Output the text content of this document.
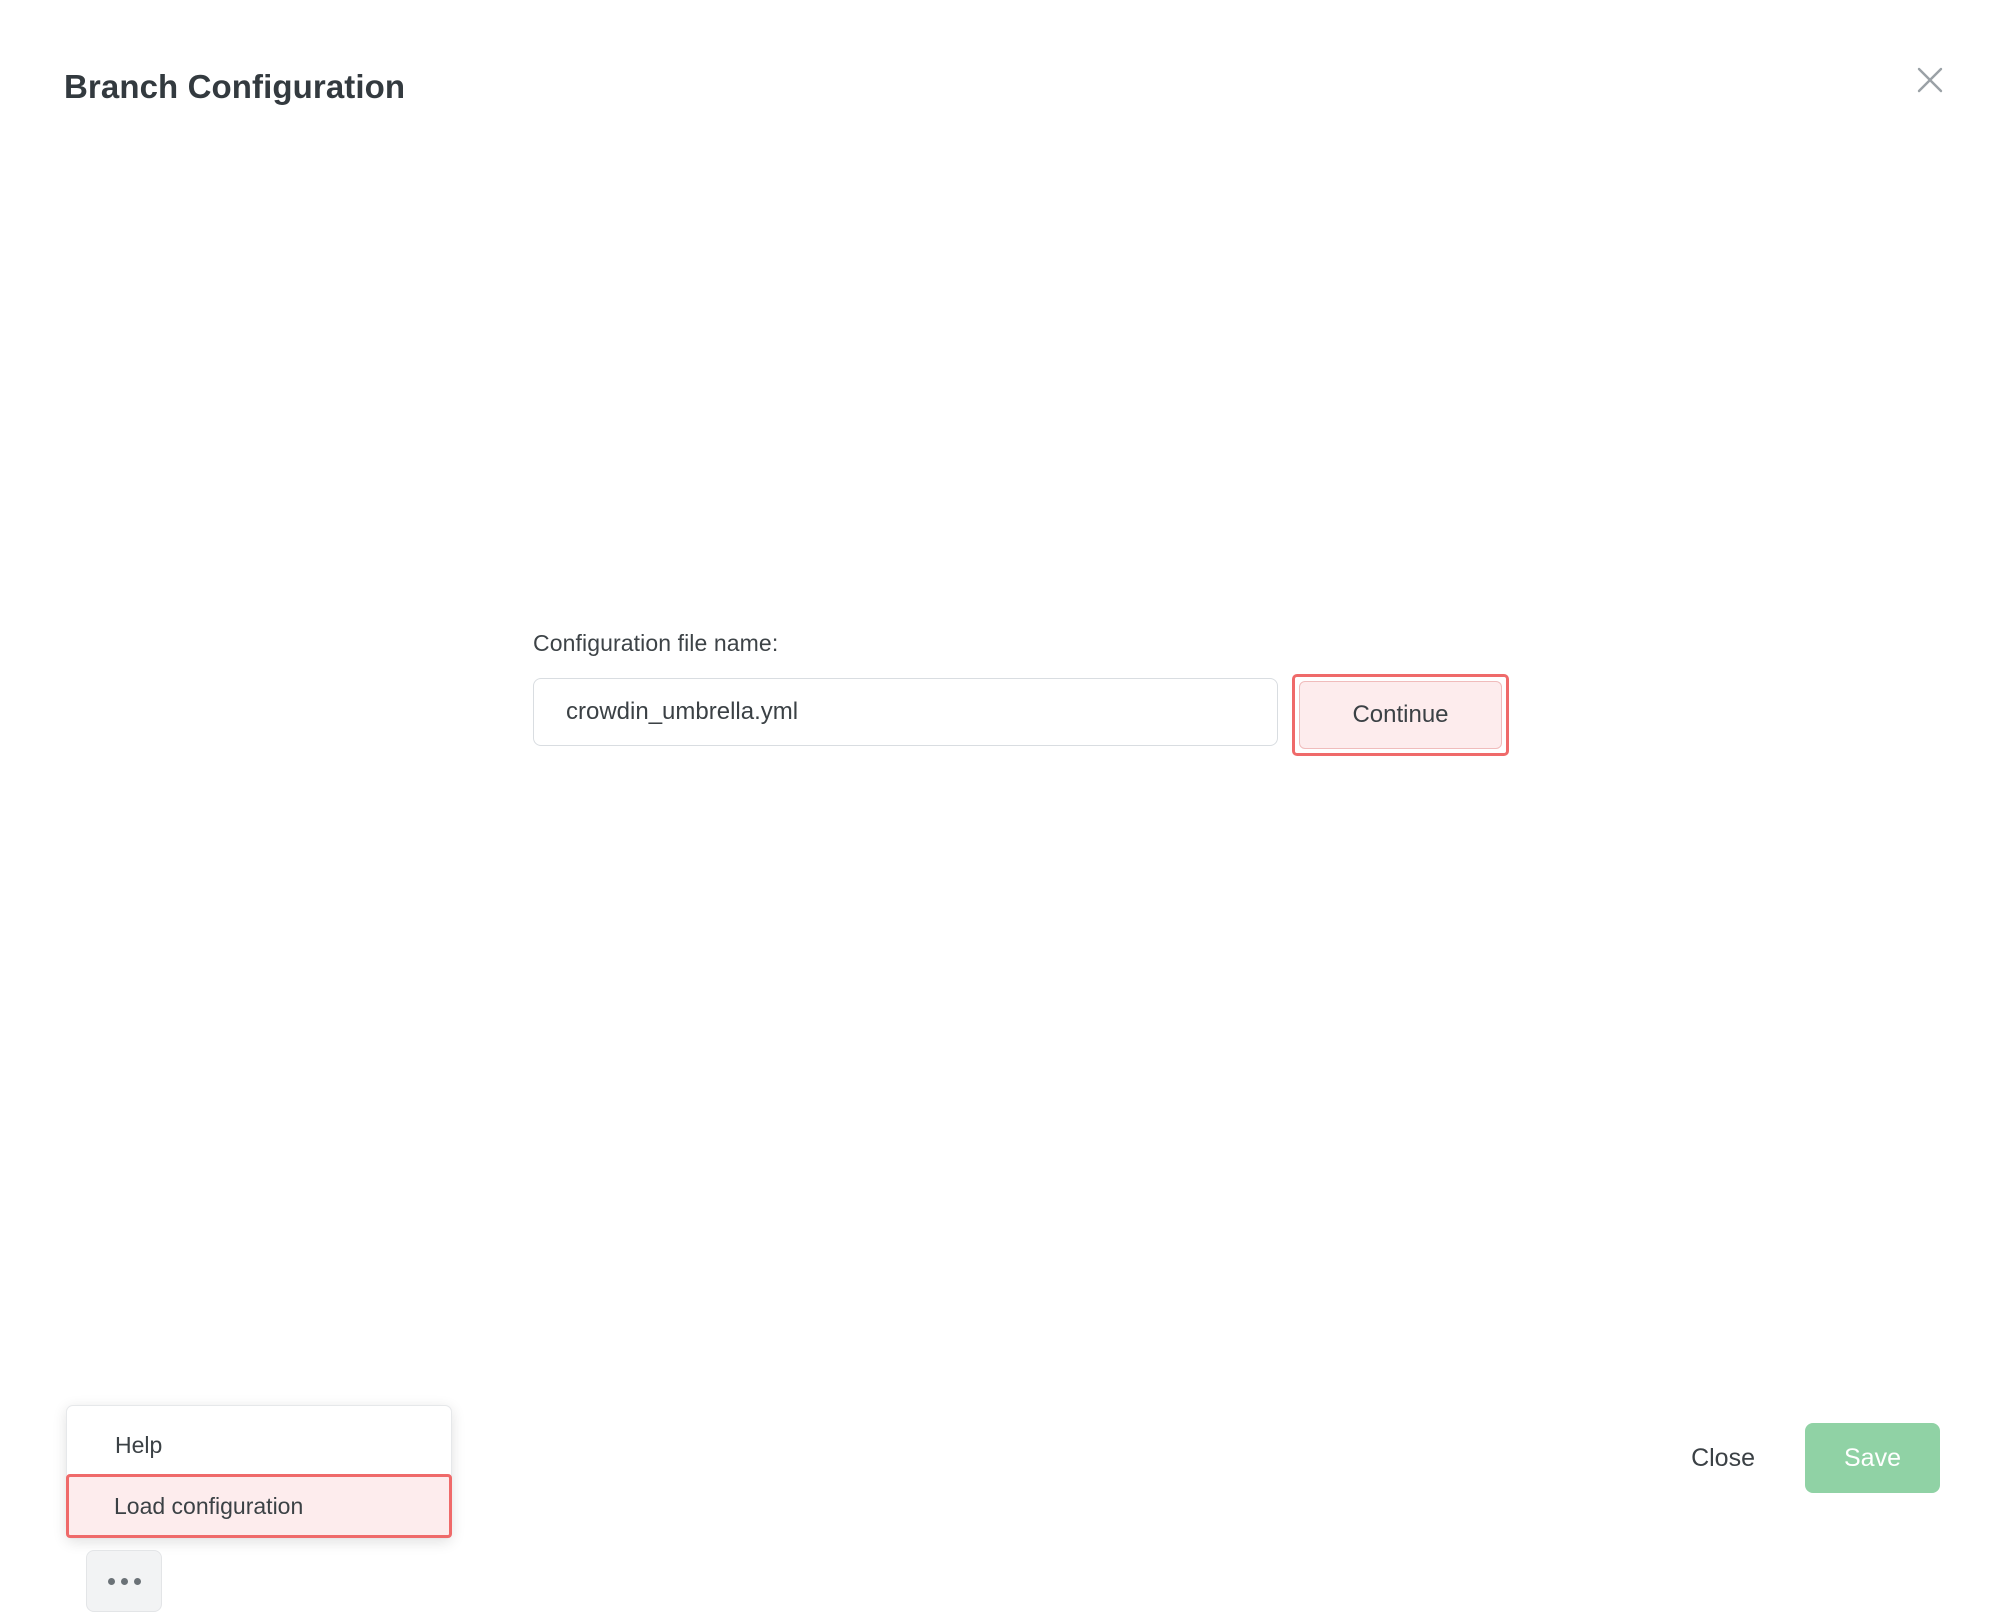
Branch Configuration
Configuration file name:
crowdin_umbrella.yml
Continue
Help
Load configuration
Close	Save
